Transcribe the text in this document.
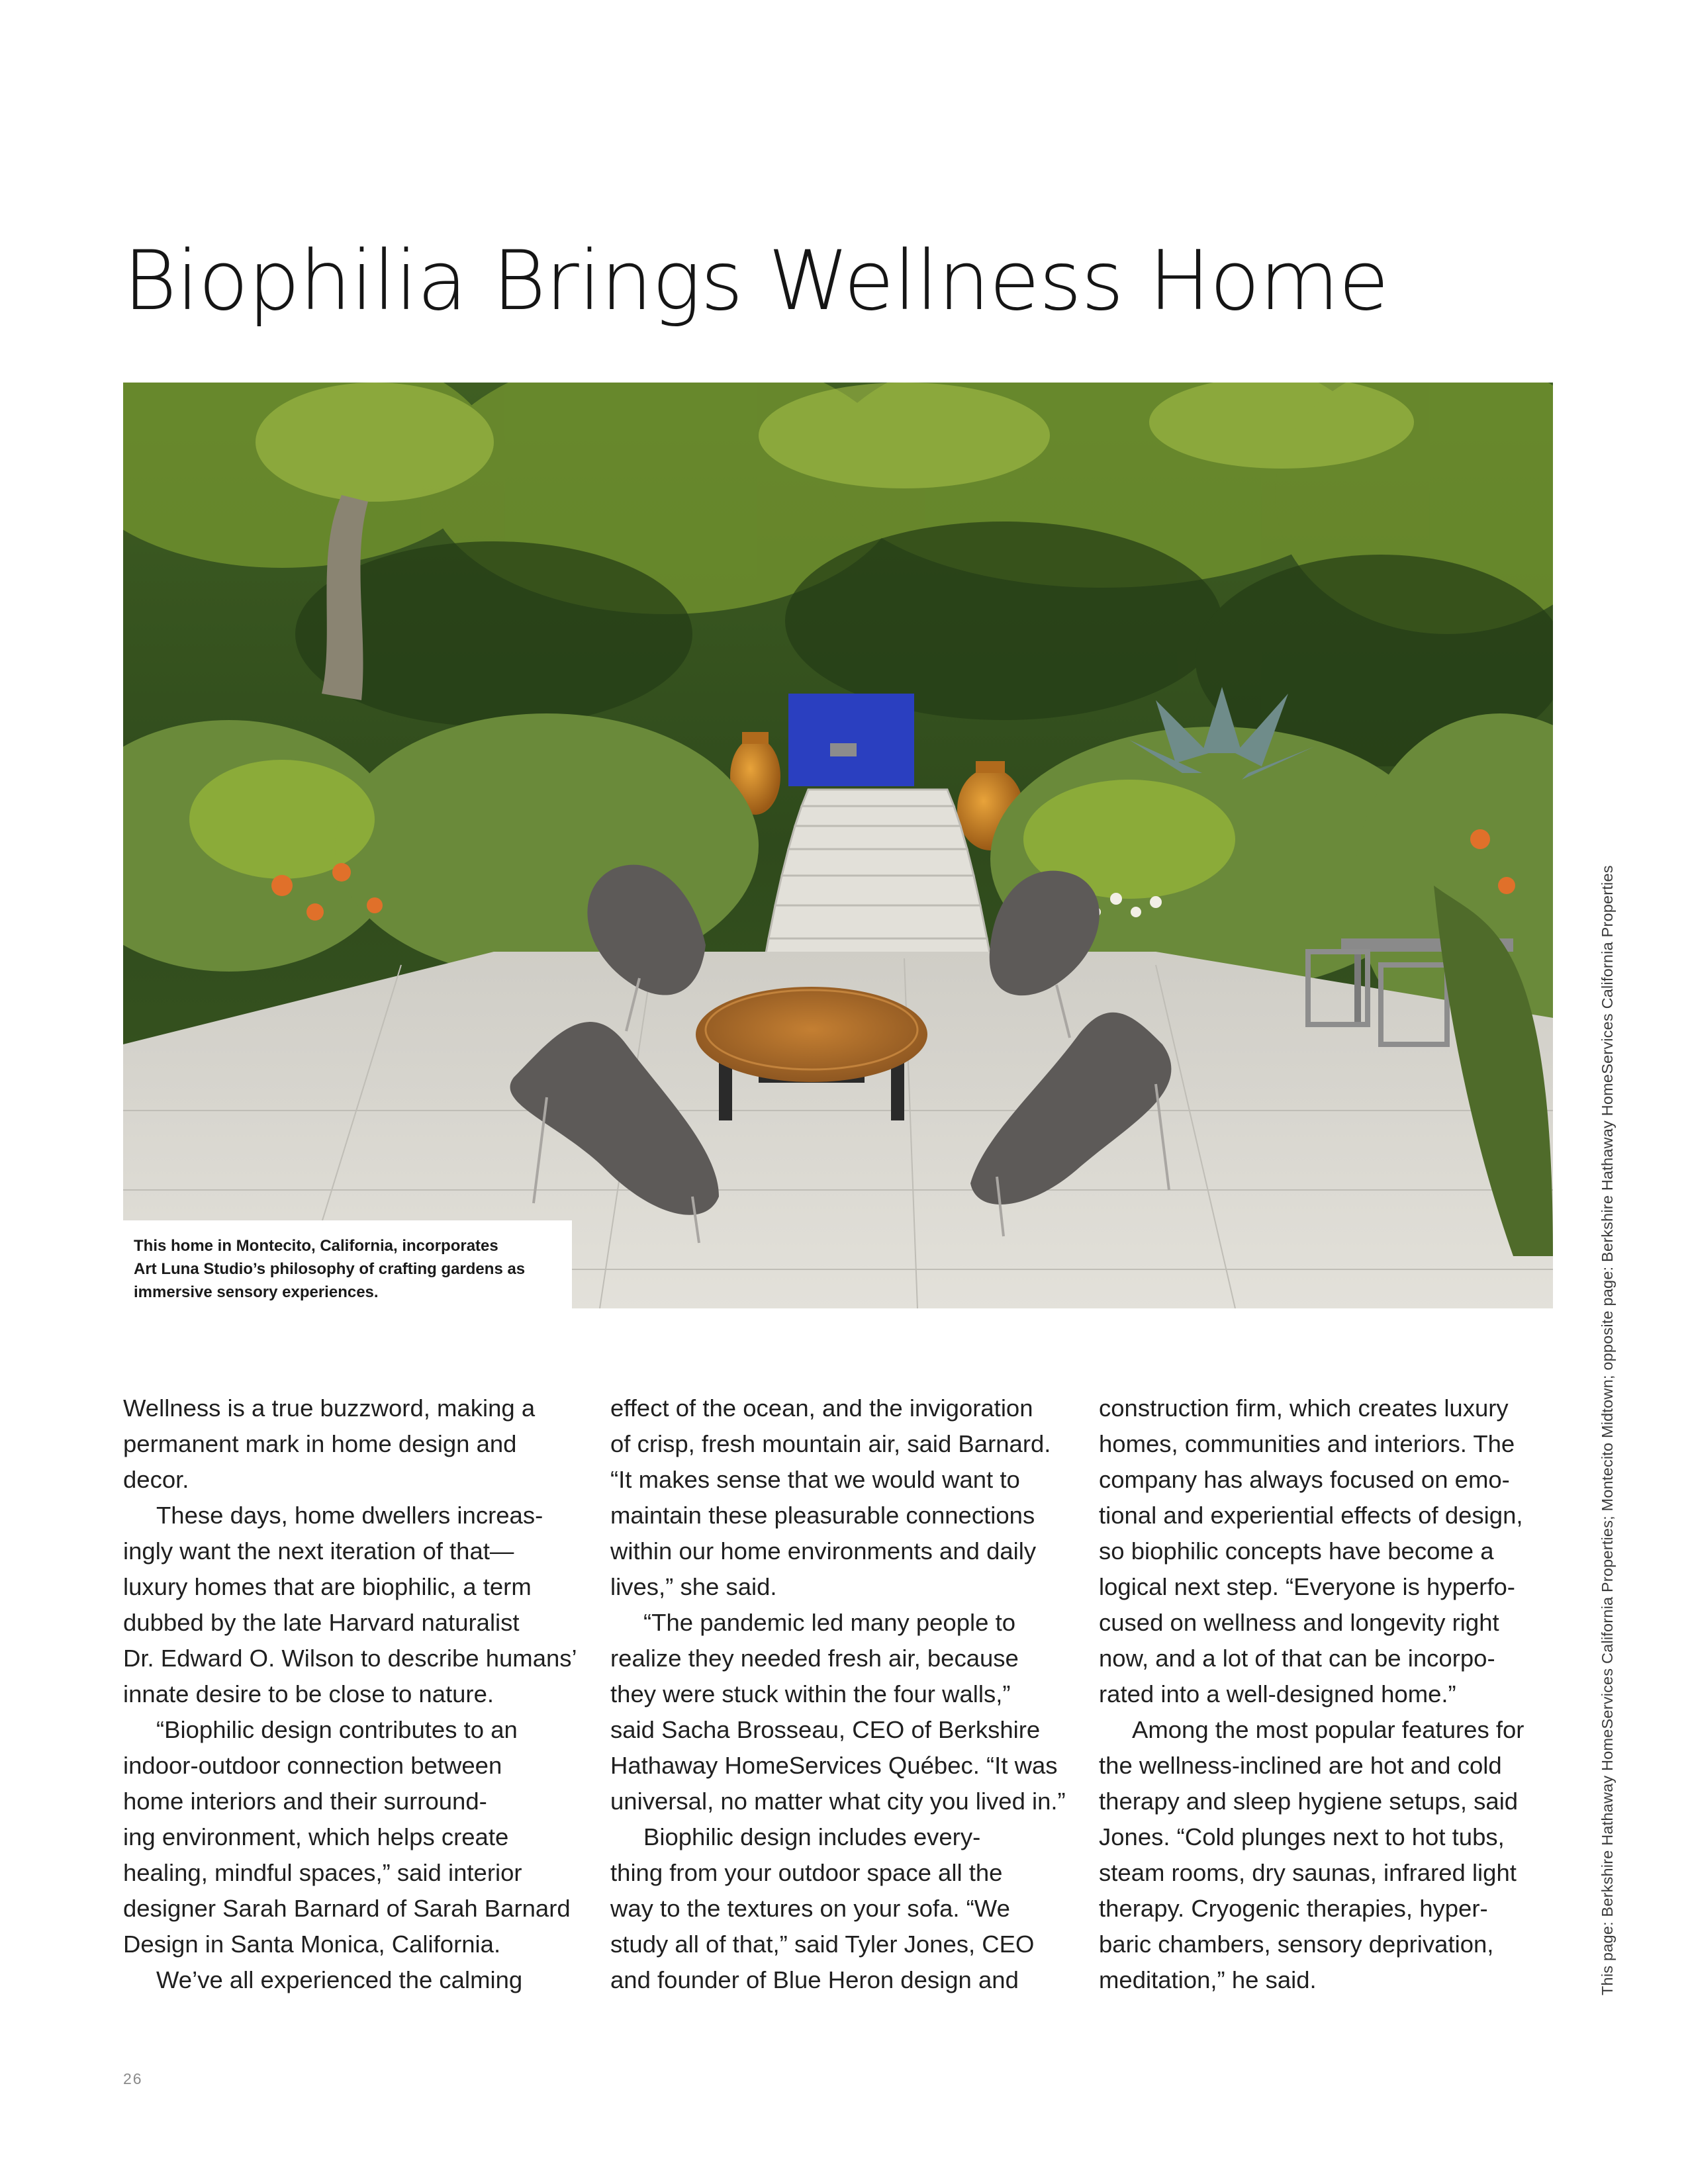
Biophilia Brings Wellness Home
This home in Montecito, California, incorporates
Art Luna Studio’s philosophy of crafting gardens as
immersive sensory experiences.
Wellness is a true buzzword, making a
permanent mark in home design and
decor.
These days, home dwellers increas-
ingly want the next iteration of that—
luxury homes that are biophilic, a term
dubbed by the late Harvard naturalist
Dr. Edward O. Wilson to describe humans’
innate desire to be close to nature.
“Biophilic design contributes to an
indoor-outdoor connection between
home interiors and their surround-
ing environment, which helps create
healing, mindful spaces,” said interior
designer Sarah Barnard of Sarah Barnard
Design in Santa Monica, California.
We’ve all experienced the calming
effect of the ocean, and the invigoration
of crisp, fresh mountain air, said Barnard.
“It makes sense that we would want to
maintain these pleasurable connections
within our home environments and daily
lives,” she said.
“The pandemic led many people to
realize they needed fresh air, because
they were stuck within the four walls,”
said Sacha Brosseau, CEO of Berkshire
Hathaway HomeServices Québec. “It was
universal, no matter what city you lived in.”
Biophilic design includes every-
thing from your outdoor space all the
way to the textures on your sofa. “We
study all of that,” said Tyler Jones, CEO
and founder of Blue Heron design and
construction firm, which creates luxury
homes, communities and interiors. The
company has always focused on emo-
tional and experiential effects of design,
so biophilic concepts have become a
logical next step. “Everyone is hyperfo-
cused on wellness and longevity right
now, and a lot of that can be incorpo-
rated into a well-designed home.”
Among the most popular features for
the wellness-inclined are hot and cold
therapy and sleep hygiene setups, said
Jones. “Cold plunges next to hot tubs,
steam rooms, dry saunas, infrared light
therapy. Cryogenic therapies, hyper-
baric chambers, sensory deprivation,
meditation,” he said.	This page: Berkshire Hathaway HomeServices California Properties; Montecito Midtown; opposite page: Berkshire Hathaway HomeServices California Properties
26
